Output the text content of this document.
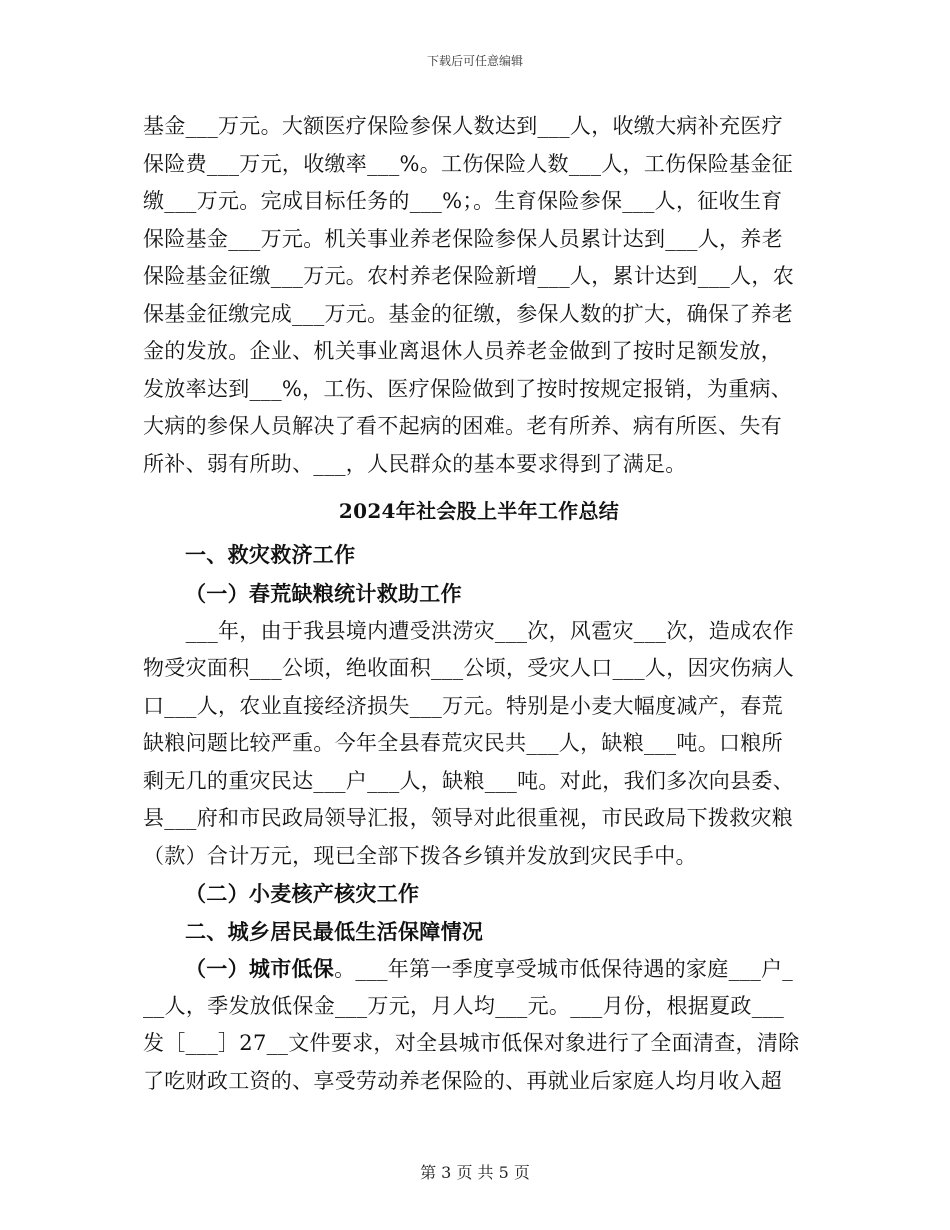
下载后可任意编辑
基金___万元。大额医疗保险参保人数达到___人，收缴大病补充医疗
保险费___万元，收缴率___%。工伤保险人数___人，工伤保险基金征
缴___万元。完成目标任务的___%；。生育保险参保___人，征收生育
保险基金___万元。机关事业养老保险参保人员累计达到___人，养老
保险基金征缴___万元。农村养老保险新增___人，累计达到___人，农
保基金征缴完成___万元。基金的征缴，参保人数的扩大，确保了养老
金的发放。企业、机关事业离退休人员养老金做到了按时足额发放，
发放率达到___%，工伤、医疗保险做到了按时按规定报销，为重病、
大病的参保人员解决了看不起病的困难。老有所养、病有所医、失有
所补、弱有所助、___，人民群众的基本要求得到了满足。
2024年社会股上半年工作总结
一、救灾救济工作
（一）春荒缺粮统计救助工作
　　___年，由于我县境内遭受洪涝灾___次，风雹灾___次，造成农作
物受灾面积___公顷，绝收面积___公顷，受灾人口___人，因灾伤病人
口___人，农业直接经济损失___万元。特别是小麦大幅度减产，春荒
缺粮问题比较严重。今年全县春荒灾民共___人，缺粮___吨。口粮所
剩无几的重灾民达___户___人，缺粮___吨。对此，我们多次向县委、
县___府和市民政局领导汇报，领导对此很重视，市民政局下拨救灾粮
（款）合计万元，现已全部下拨各乡镇并发放到灾民手中。
（二）小麦核产核灾工作
二、城乡居民最低生活保障情况
（一）城市低保。___年第一季度享受城市低保待遇的家庭___户_
__人，季发放低保金___万元，月人均___元。___月份，根据夏政___
发［___］27__文件要求，对全县城市低保对象进行了全面清查，清除
了吃财政工资的、享受劳动养老保险的、再就业后家庭人均月收入超
第 3 页 共 5 页
